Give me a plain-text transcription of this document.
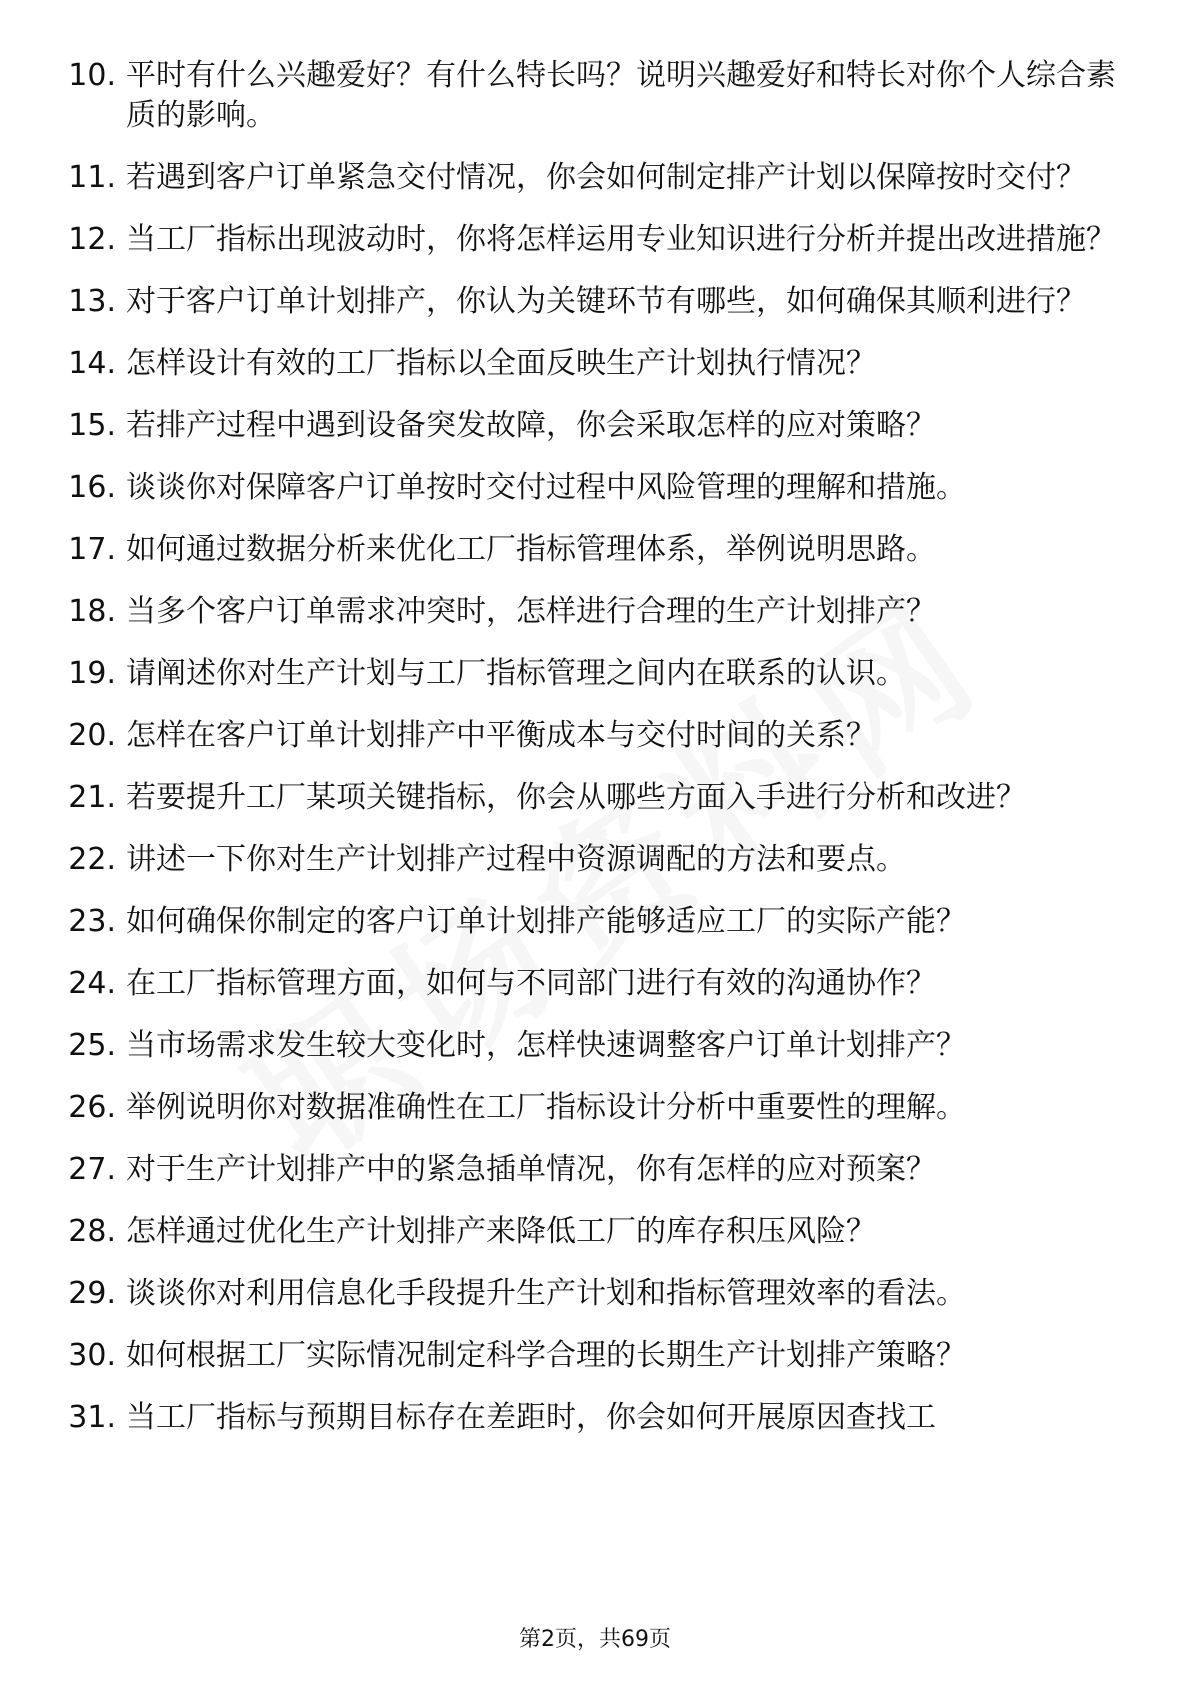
10. 平时有什么兴趣爱好？有什么特长吗？说明兴趣爱好和特长对你个人综合素质的影响。
11. 若遇到客户订单紧急交付情况，你会如何制定排产计划以保障按时交付？
12. 当工厂指标出现波动时，你将怎样运用专业知识进行分析并提出改进措施？
13. 对于客户订单计划排产，你认为关键环节有哪些，如何确保其顺利进行？
14. 怎样设计有效的工厂指标以全面反映生产计划执行情况？
15. 若排产过程中遇到设备突发故障，你会采取怎样的应对策略？
16. 谈谈你对保障客户订单按时交付过程中风险管理的理解和措施。
17. 如何通过数据分析来优化工厂指标管理体系，举例说明思路。
18. 当多个客户订单需求冲突时，怎样进行合理的生产计划排产？
19. 请阐述你对生产计划与工厂指标管理之间内在联系的认识。
20. 怎样在客户订单计划排产中平衡成本与交付时间的关系？
21. 若要提升工厂某项关键指标，你会从哪些方面入手进行分析和改进？
22. 讲述一下你对生产计划排产过程中资源调配的方法和要点。
23. 如何确保你制定的客户订单计划排产能够适应工厂的实际产能？
24. 在工厂指标管理方面，如何与不同部门进行有效的沟通协作？
25. 当市场需求发生较大变化时，怎样快速调整客户订单计划排产？
26. 举例说明你对数据准确性在工厂指标设计分析中重要性的理解。
27. 对于生产计划排产中的紧急插单情况，你有怎样的应对预案？
28. 怎样通过优化生产计划排产来降低工厂的库存积压风险？
29. 谈谈你对利用信息化手段提升生产计划和指标管理效率的看法。
30. 如何根据工厂实际情况制定科学合理的长期生产计划排产策略？
31. 当工厂指标与预期目标存在差距时，你会如何开展原因查找工
第2页，共69页
